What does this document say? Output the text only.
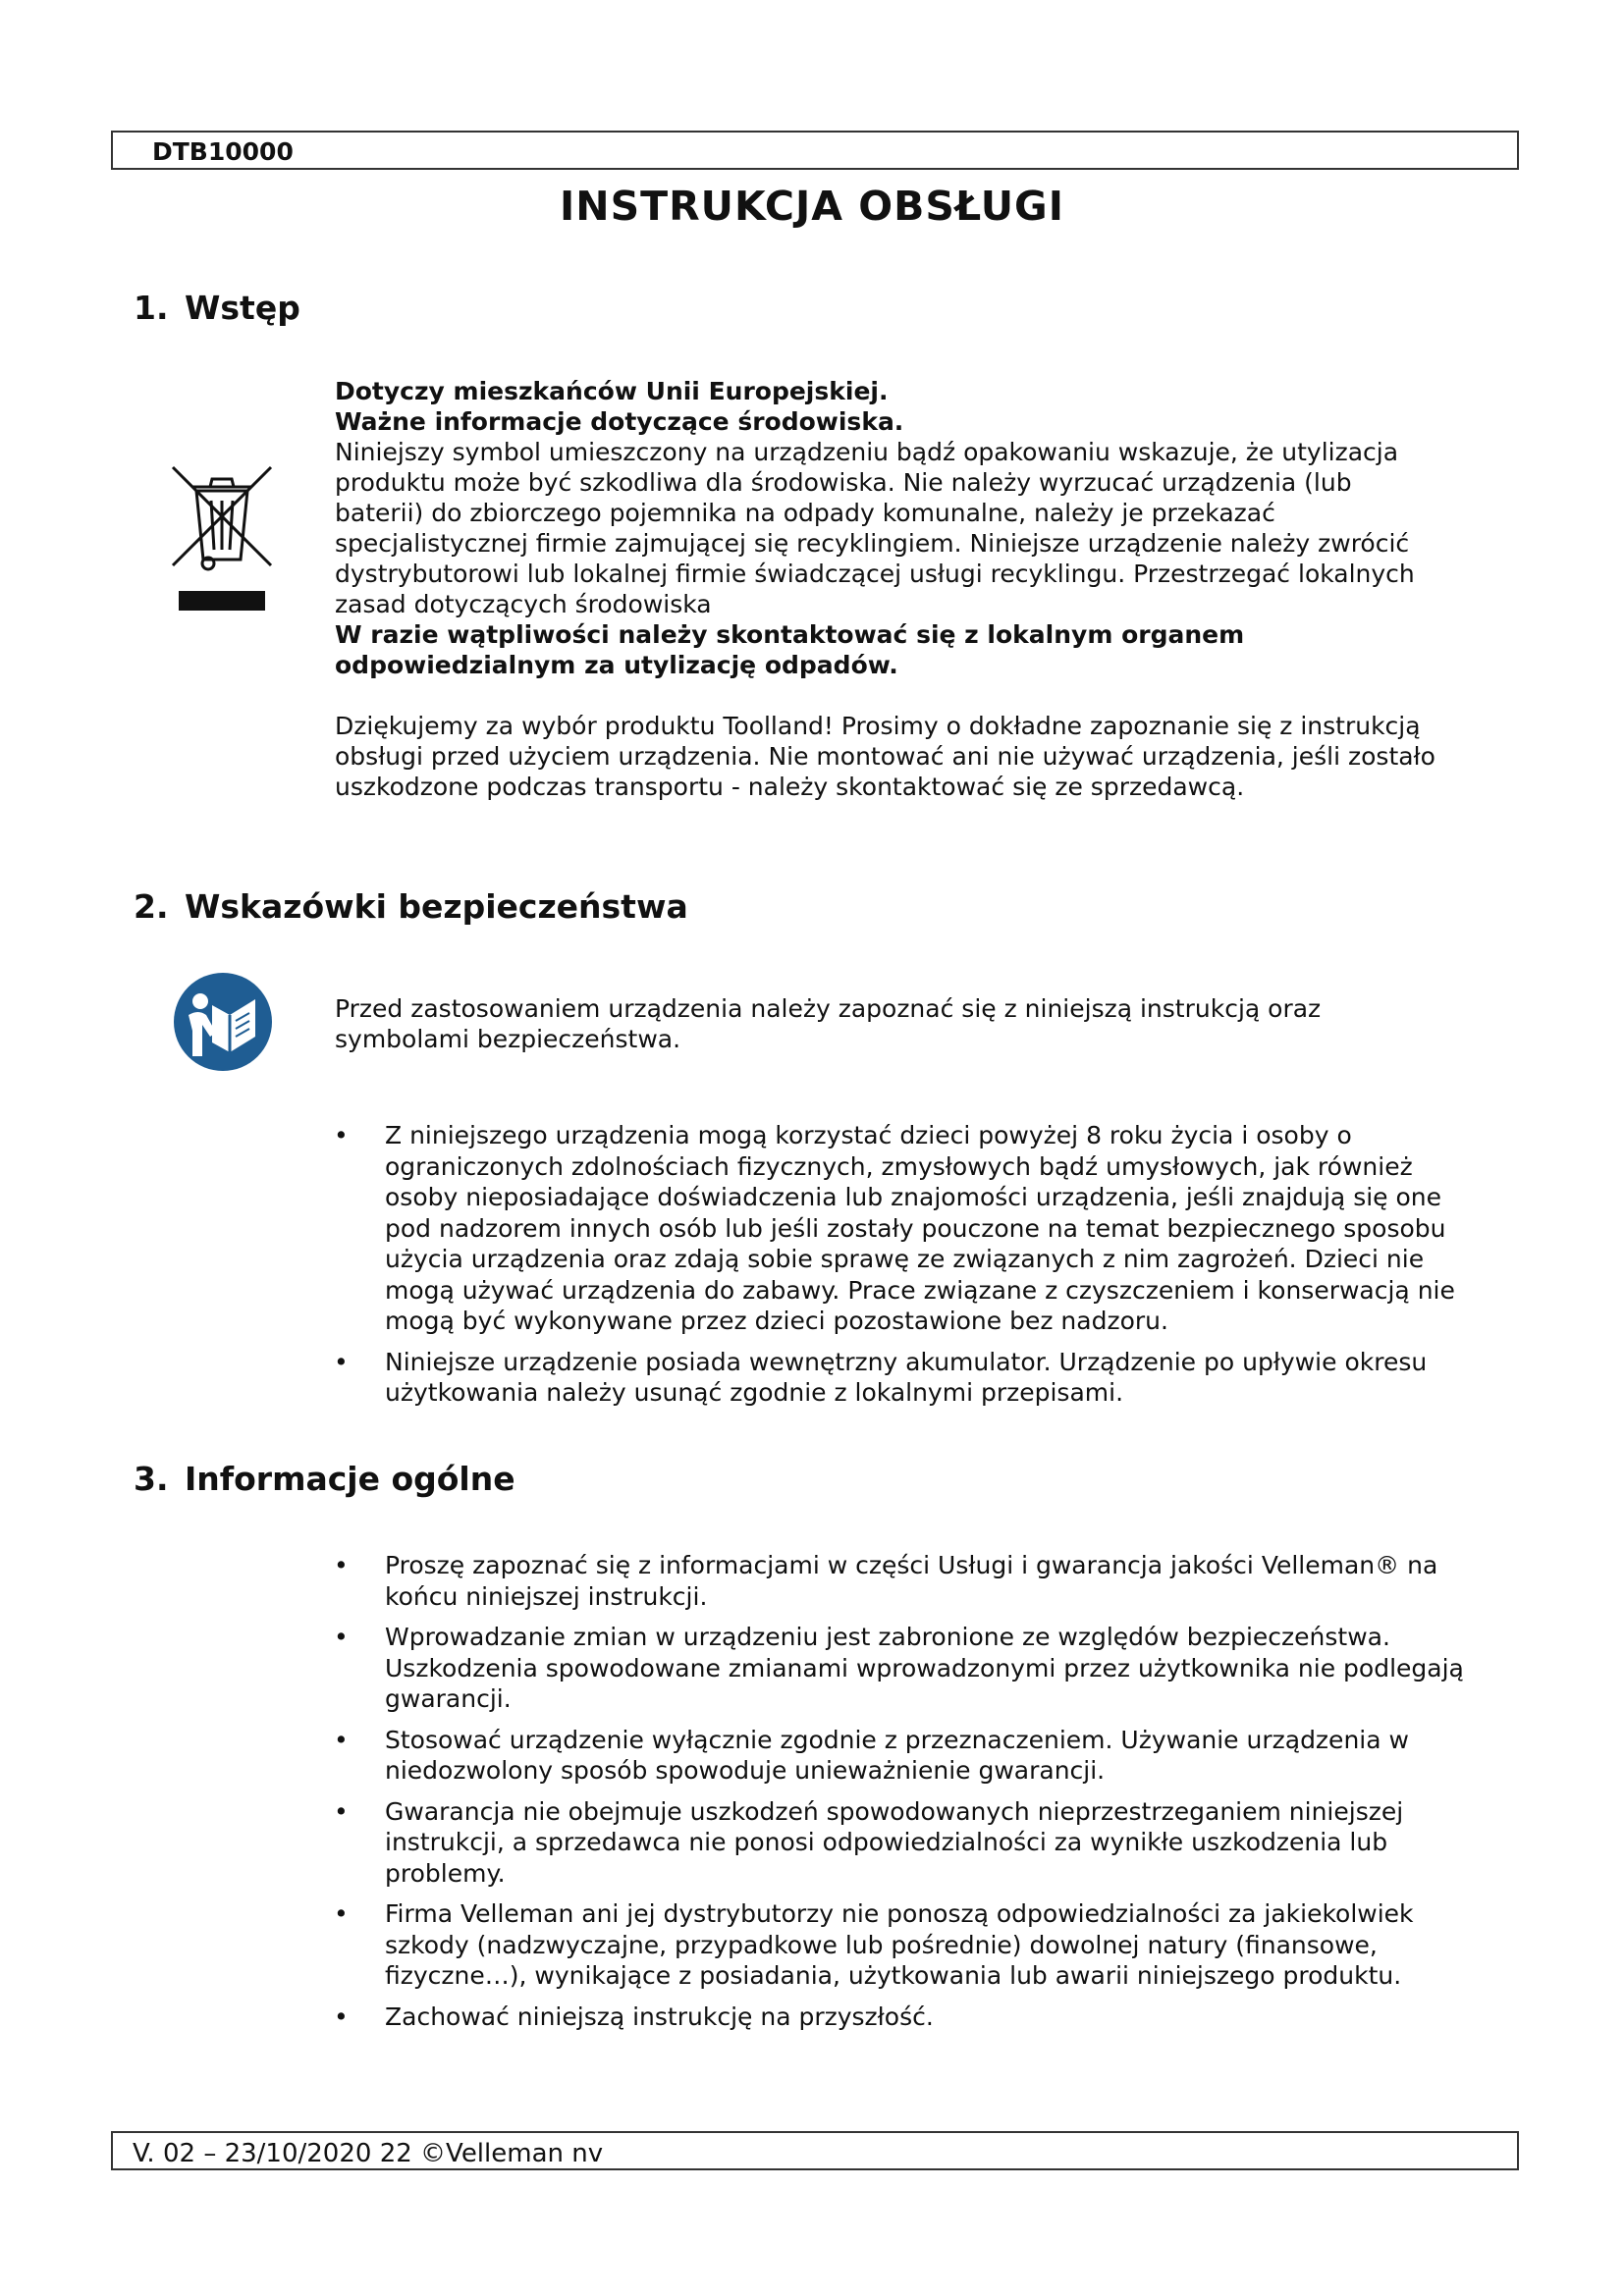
DTB10000
INSTRUKCJA OBSŁUGI
1. Wstęp

Dotyczy mieszkańców Unii Europejskiej.

Ważne informacje dotyczące środowiska.

Niniejszy symbol umieszczony na urządzeniu bądź opakowaniu wskazuje, że utylizacja produktu może być szkodliwa dla środowiska. Nie należy wyrzucać urządzenia (lub baterii) do zbiorczego pojemnika na odpady komunalne, należy je przekazać specjalistycznej firmie zajmującej się recyklingiem. Niniejsze urządzenie należy zwrócić dystrybutorowi lub lokalnej firmie świadczącej usługi recyklingu. Przestrzegać lokalnych zasad dotyczących środowiska

W razie wątpliwości należy skontaktować się z lokalnym organem odpowiedzialnym za utylizację odpadów.

Dziękujemy za wybór produktu Toolland! Prosimy o dokładne zapoznanie się z instrukcją obsługi przed użyciem urządzenia. Nie montować ani nie używać urządzenia, jeśli zostało uszkodzone podczas transportu - należy skontaktować się ze sprzedawcą.

2. Wskazówki bezpieczeństwa
Przed zastosowaniem urządzenia należy zapoznać się z niniejszą instrukcją oraz symbolami bezpieczeństwa.
• Z niniejszego urządzenia mogą korzystać dzieci powyżej 8 roku życia i osoby o ograniczonych zdolnościach fizycznych, zmysłowych bądź umysłowych, jak również osoby nieposiadające doświadczenia lub znajomości urządzenia, jeśli znajdują się one pod nadzorem innych osób lub jeśli zostały pouczone na temat bezpiecznego sposobu użycia urządzenia oraz zdają sobie sprawę ze związanych z nim zagrożeń. Dzieci nie mogą używać urządzenia do zabawy. Prace związane z czyszczeniem i konserwacją nie mogą być wykonywane przez dzieci pozostawione bez nadzoru.
• Niniejsze urządzenie posiada wewnętrzny akumulator. Urządzenie po upływie okresu użytkowania należy usunąć zgodnie z lokalnymi przepisami.
3. Informacje ogólne
• Proszę zapoznać się z informacjami w części Usługi i gwarancja jakości Velleman® na końcu niniejszej instrukcji.
• Wprowadzanie zmian w urządzeniu jest zabronione ze względów bezpieczeństwa. Uszkodzenia spowodowane zmianami wprowadzonymi przez użytkownika nie podlegają gwarancji.
• Stosować urządzenie wyłącznie zgodnie z przeznaczeniem. Używanie urządzenia w niedozwolony sposób spowoduje unieważnienie gwarancji.
• Gwarancja nie obejmuje uszkodzeń spowodowanych nieprzestrzeganiem niniejszej instrukcji, a sprzedawca nie ponosi odpowiedzialności za wynikłe uszkodzenia lub problemy.
• Firma Velleman ani jej dystrybutorzy nie ponoszą odpowiedzialności za jakiekolwiek szkody (nadzwyczajne, przypadkowe lub pośrednie) dowolnej natury (finansowe, fizyczne…), wynikające z posiadania, użytkowania lub awarii niniejszego produktu.
• Zachować niniejszą instrukcję na przyszłość.
V. 02 – 23/10/2020 22 ©Velleman nv
